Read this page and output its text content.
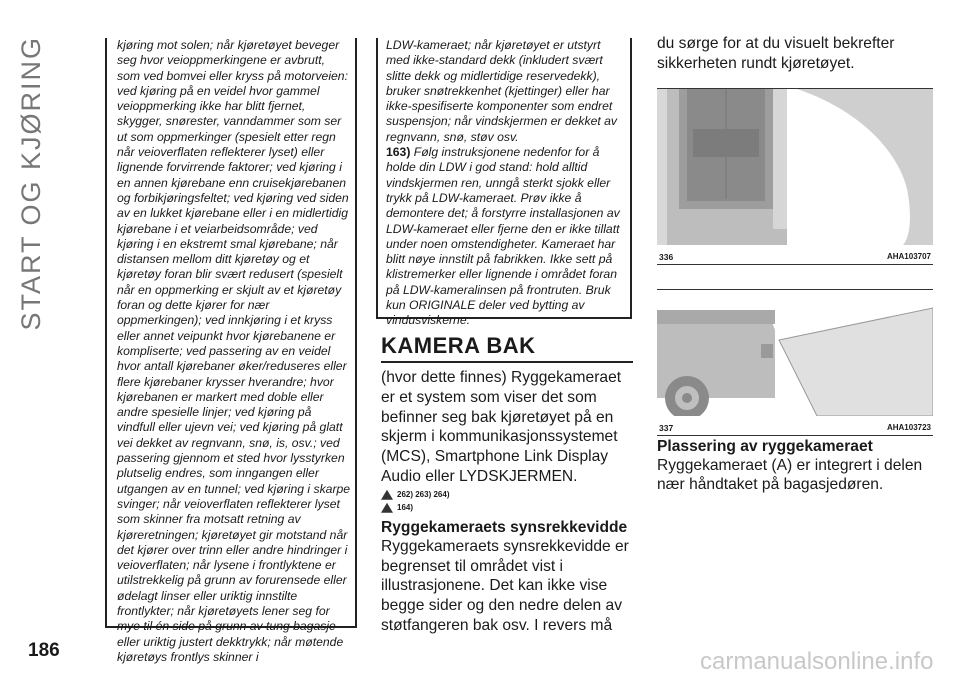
START OG KJØRING	kjøring mot solen; når kjøretøyet beveger seg hvor veioppmerkingene er avbrutt, som ved bomvei eller kryss på motorveien: ved kjøring på en veidel hvor gammel veioppmerking ikke har blitt fjernet, skygger, snørester, vanndammer som ser ut som oppmerkinger (spesielt etter regn når veioverflaten reflekterer lyset) eller lignende forvirrende faktorer; ved kjøring i en annen kjørebane enn cruisekjørebanen og forbikjøringsfeltet; ved kjøring ved siden av en lukket kjørebane eller i en midlertidig kjørebane i et veiarbeidsområde; ved kjøring i en ekstremt smal kjørebane; når distansen mellom ditt kjøretøy og et kjøretøy foran blir svært redusert (spesielt når en oppmerking er skjult av et kjøretøy foran og dette kjører for nær oppmerkingen); ved innkjøring i et kryss eller annet veipunkt hvor kjørebanene er kompliserte; ved passering av en veidel hvor antall kjørebaner øker/reduseres eller flere kjørebaner krysser hverandre; hvor kjørebanen er markert med doble eller andre spesielle linjer; ved kjøring på vindfull eller ujevn vei; ved kjøring på glatt vei dekket av regnvann, snø, is, osv.; ved passering gjennom et sted hvor lysstyrken plutselig endres, som inngangen eller utgangen av en tunnel; ved kjøring i skarpe svinger; når veioverflaten reflekterer lyset som skinner fra motsatt retning av kjøreretningen; kjøretøyet gir motstand når det kjører over trinn eller andre hindringer i veioverflaten; når lysene i frontlyktene er utilstrekkelig på grunn av forurensede eller ødelagt linser eller uriktig innstilte frontlykter; når kjøretøyets lener seg for mye til én side på grunn av tung bagasje eller uriktig justert dekktrykk; når møtende kjøretøys frontlys skinner i

LDW-kameraet; når kjøretøyet er utstyrt med ikke-standard dekk (inkludert svært slitte dekk og midlertidige reservedekk), bruker snøtrekkenhet (kjettinger) eller har ikke-spesifiserte komponenter som endret suspensjon; når vindskjermen er dekket av regnvann, snø, støv osv.

163) Følg instruksjonene nedenfor for å holde din LDW i god stand: hold alltid vindskjermen ren, unngå sterkt sjokk eller trykk på LDW-kameraet. Prøv ikke å demontere det; å forstyrre installasjonen av LDW-kameraet eller fjerne den er ikke tillatt under noen omstendigheter. Kameraet har blitt nøye innstilt på fabrikken. Ikke sett på klistremerker eller lignende i området foran på LDW-kameralinsen på frontruten. Bruk kun ORIGINALE deler ved bytting av vindusviskerne.

KAMERA BAK

(hvor dette finnes) Ryggekameraet er et system som viser det som befinner seg bak kjøretøyet på en skjerm i kommunikasjonssystemet (MCS), Smartphone Link Display Audio eller LYDSKJERMEN.

262) 263) 264)
164)
Ryggekameraets synsrekkevidde

Ryggekameraets synsrekkevidde er begrenset til området vist i illustrasjonene. Det kan ikke vise begge sider og den nedre delen av støtfangeren bak osv. I revers må

du sørge for at du visuelt bekrefter sikkerheten rundt kjøretøyet.

336	AHA103707
337	AHA103723
Plassering av ryggekameraet

Ryggekameraet (A) er integrert i delen nær håndtaket på bagasjedøren.

186	carmanualsonline.info
